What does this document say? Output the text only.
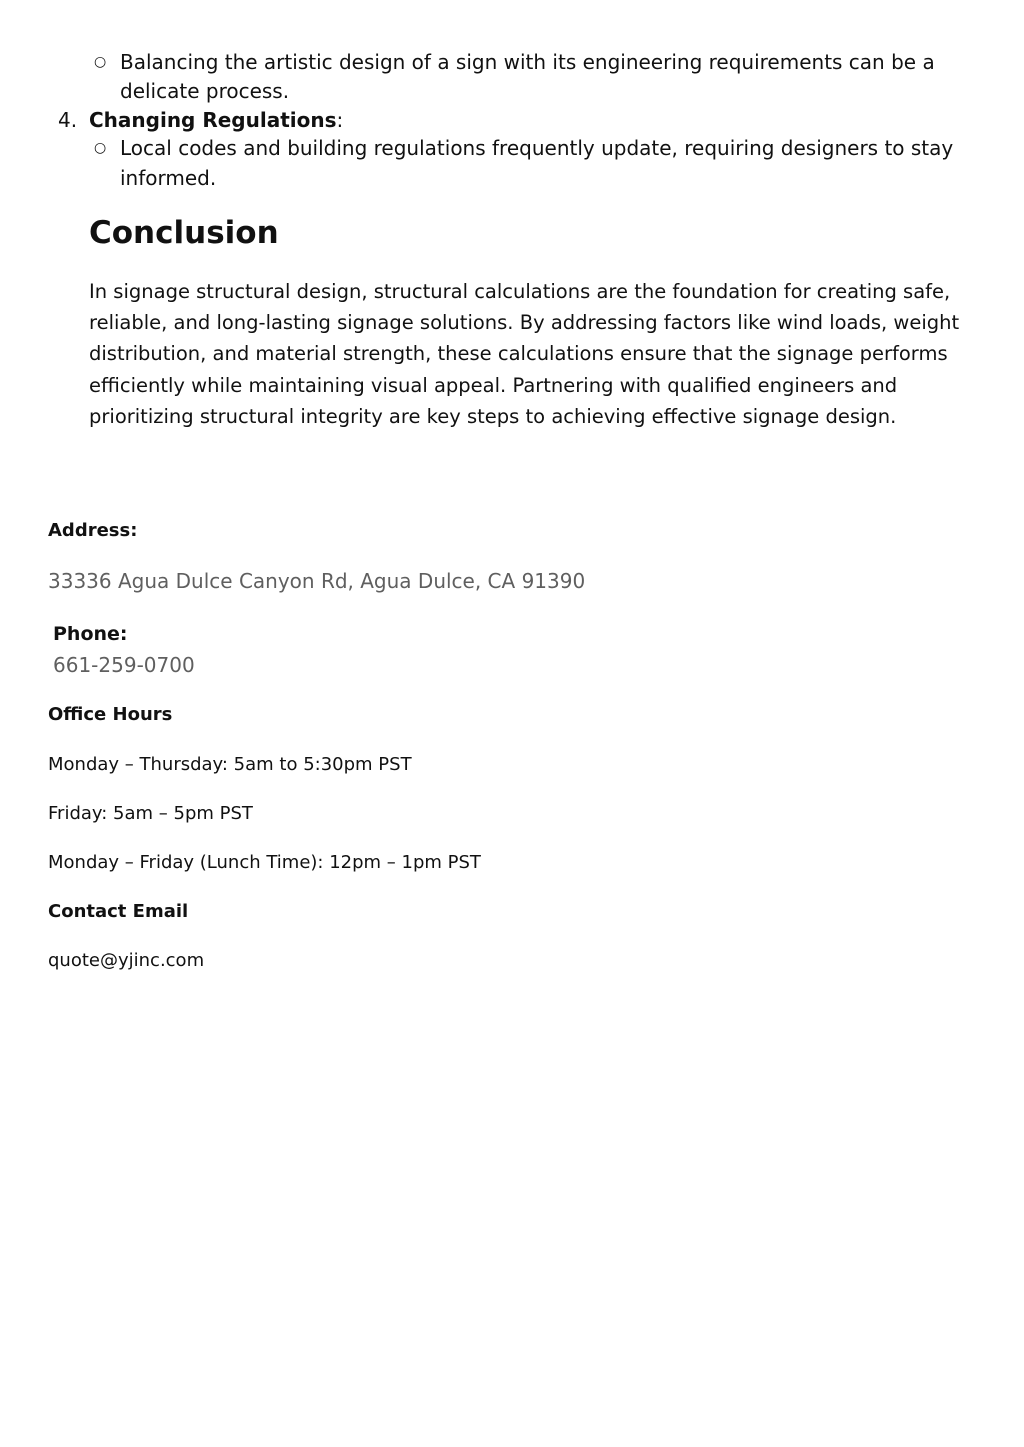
○ Balancing the artistic design of a sign with its engineering requirements can be a

delicate process.

4. Changing Regulations:

○ Local codes and building regulations frequently update, requiring designers to stay

informed.

Conclusion

In signage structural design, structural calculations are the foundation for creating safe,

reliable, and long-lasting signage solutions. By addressing factors like wind loads, weight

distribution, and material strength, these calculations ensure that the signage performs

efficiently while maintaining visual appeal. Partnering with qualified engineers and

prioritizing structural integrity are key steps to achieving effective signage design.

Address:

33336 Agua Dulce Canyon Rd, Agua Dulce, CA 91390

Phone:

661-259-0700

Office Hours

Monday – Thursday: 5am to 5:30pm PST

Friday: 5am – 5pm PST

Monday – Friday (Lunch Time): 12pm – 1pm PST

Contact Email

quote@yjinc.com
